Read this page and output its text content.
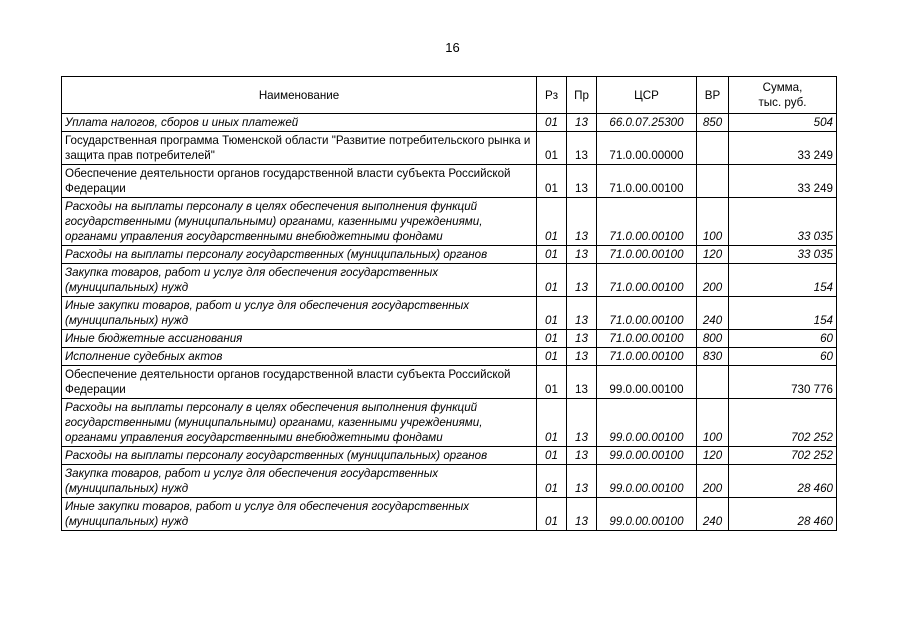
16
Наименование	Рз	Пр	ЦСР	ВР	Сумма,
тыс. руб.

Уплата налогов, сборов и иных платежей	01	13	66.0.07.25300	850	504
Государственная программа Тюменской области "Развитие потребительского рынка и защита прав потребителей"	01	13	71.0.00.00000		33 249
Обеспечение деятельности органов государственной власти субъекта Российской Федерации	01	13	71.0.00.00100		33 249
Расходы на выплаты персоналу в целях обеспечения выполнения функций государственными (муниципальными) органами, казенными учреждениями, органами управления государственными внебюджетными фондами	01	13	71.0.00.00100	100	33 035
Расходы на выплаты персоналу государственных (муниципальных) органов	01	13	71.0.00.00100	120	33 035
Закупка товаров, работ и услуг для обеспечения государственных (муниципальных) нужд	01	13	71.0.00.00100	200	154
Иные закупки товаров, работ и услуг для обеспечения государственных (муниципальных) нужд	01	13	71.0.00.00100	240	154
Иные бюджетные ассигнования	01	13	71.0.00.00100	800	60
Исполнение судебных актов	01	13	71.0.00.00100	830	60
Обеспечение деятельности органов государственной власти субъекта Российской Федерации	01	13	99.0.00.00100		730 776
Расходы на выплаты персоналу в целях обеспечения выполнения функций государственными (муниципальными) органами, казенными учреждениями, органами управления государственными внебюджетными фондами	01	13	99.0.00.00100	100	702 252
Расходы на выплаты персоналу государственных (муниципальных) органов	01	13	99.0.00.00100	120	702 252
Закупка товаров, работ и услуг для обеспечения государственных (муниципальных) нужд	01	13	99.0.00.00100	200	28 460
Иные закупки товаров, работ и услуг для обеспечения государственных (муниципальных) нужд	01	13	99.0.00.00100	240	28 460
